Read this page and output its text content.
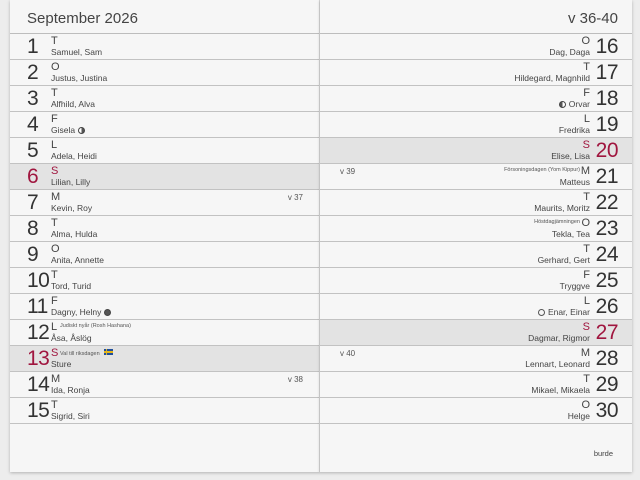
September 2026
1 T
Samuel, Sam
2 O
Justus, Justina
3 T
Alfhild, Alva
4 F
Gisela
5 L
Adela, Heidi
6 S
Lilian, Lilly
7 M
Kevin, Roy
v 37
8 T
Alma, Hulda
9 O
Anita, Annette
10 T
Tord, Turid
11 F
Dagny, Helny
12 L Judiskt nyår (Rosh Hashana)
Åsa, Åslög
13 S Val till riksdagen
Sture
14 M
Ida, Ronja
v 38
15 T
Sigrid, Siri
v 36-40
16
O
Dag, Daga
17
T
Hildegard, Magnhild
18
F
Orvar
19
L
Fredrika
20
S
Elise, Lisa
21
M
Försoningsdagen (Yom Kippur)
Matteus
v 39
22
T
Maurits, Moritz
23
O
Höstdagjämningen
Tekla, Tea
24
T
Gerhard, Gert
25
F
Tryggve
26
L
Enar, Einar
27
S
Dagmar, Rigmor
28
M
Lennart, Leonard
v 40
29
T
Mikael, Mikaela
30
O
Helge
burde
